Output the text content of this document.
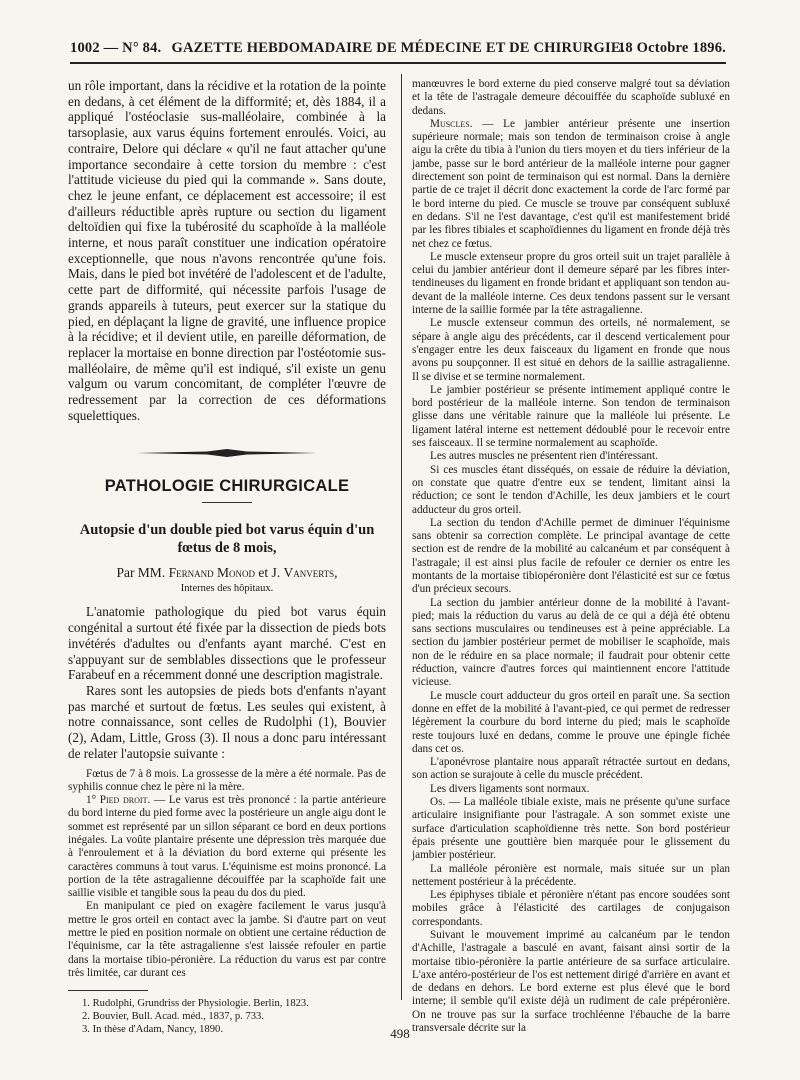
1002 — N° 84. GAZETTE HEBDOMADAIRE DE MÉDECINE ET DE CHIRURGIE.
18 Octobre 1896.

un rôle important, dans la récidive et la rotation de la pointe en dedans, à cet élément de la difformité; et, dès 1884, il a appliqué l'ostéoclasie sus-malléolaire, combinée à la tarsoplasie, aux varus équins fortement enroulés. Voici, au contraire, Delore qui déclare « qu'il ne faut attacher qu'une importance secondaire à cette torsion du membre : c'est l'attitude vicieuse du pied qui la commande ». Sans doute, chez le jeune enfant, ce déplacement est accessoire; il est d'ailleurs réductible après rupture ou section du ligament deltoïdien qui fixe la tubérosité du scaphoïde à la malléole interne, et nous paraît constituer une indication opératoire exceptionnelle, que nous n'avons rencontrée qu'une fois. Mais, dans le pied bot invétéré de l'adolescent et de l'adulte, cette part de difformité, qui nécessite parfois l'usage de grands appareils à tuteurs, peut exercer sur la statique du pied, en déplaçant la ligne de gravité, une influence propice à la récidive; et il devient utile, en pareille déformation, de replacer la mortaise en bonne direction par l'ostéotomie sus-malléolaire, de même qu'il est indiqué, s'il existe un genu valgum ou varum concomitant, de compléter l'œuvre de redressement par la correction de ces déformations squelettiques.

PATHOLOGIE CHIRURGICALE
Autopsie d'un double pied bot varus équin d'un fœtus de 8 mois,
Par MM. Fernand Monod et J. Vanverts,
Internes des hôpitaux.

L'anatomie pathologique du pied bot varus équin congénital a surtout été fixée par la dissection de pieds bots invétérés d'adultes ou d'enfants ayant marché. C'est en s'appuyant sur de semblables dissections que le professeur Farabeuf en a récemment donné une description magistrale.

Rares sont les autopsies de pieds bots d'enfants n'ayant pas marché et surtout de fœtus. Les seules qui existent, à notre connaissance, sont celles de Rudolphi (1), Bouvier (2), Adam, Little, Gross (3). Il nous a donc paru intéressant de relater l'autopsie suivante :

Fœtus de 7 à 8 mois. La grossesse de la mère a été normale. Pas de syphilis connue chez le père ni la mère.

1° Pied droit. — Le varus est très prononcé : la partie antérieure du bord interne du pied forme avec la postérieure un angle aigu dont le sommet est représenté par un sillon séparant ce bord en deux portions inégales. La voûte plantaire présente une dépression très marquée due à l'enroulement et à la déviation du bord externe qui présente les caractères communs à tout varus. L'équinisme est moins prononcé. La portion de la tête astragalienne découiffée par la scaphoïde fait une saillie visible et tangible sous la peau du dos du pied.

En manipulant ce pied on exagère facilement le varus jusqu'à mettre le gros orteil en contact avec la jambe. Si d'autre part on veut mettre le pied en position normale on obtient une certaine réduction de l'équinisme, car la tête astragalienne s'est laissée refouler en partie dans la mortaise tibio-péronière. La réduction du varus est par contre très limitée, car durant ces

1. Rudolphi, Grundriss der Physiologie. Berlin, 1823.

2. Bouvier, Bull. Acad. méd., 1837, p. 733.

3. In thèse d'Adam, Nancy, 1890.

manœuvres le bord externe du pied conserve malgré tout sa déviation et la tête de l'astragale demeure découiffée du scaphoïde subluxé en dedans.

Muscles. — Le jambier antérieur présente une insertion supérieure normale; mais son tendon de terminaison croise à angle aigu la crête du tibia à l'union du tiers moyen et du tiers inférieur de la jambe, passe sur le bord antérieur de la malléole interne pour gagner directement son point de terminaison qui est normal. Dans la dernière partie de ce trajet il décrit donc exactement la corde de l'arc formé par le bord interne du pied. Ce muscle se trouve par conséquent subluxé en dedans. S'il ne l'est davantage, c'est qu'il est manifestement bridé par les fibres tibiales et scaphoïdiennes du ligament en fronde déjà très net chez ce fœtus.

Le muscle extenseur propre du gros orteil suit un trajet parallèle à celui du jambier antérieur dont il demeure séparé par les fibres inter-tendineuses du ligament en fronde bridant et appliquant son tendon au-devant de la malléole interne. Ces deux tendons passent sur le versant interne de la saillie formée par la tête astragalienne.

Le muscle extenseur commun des orteils, né normalement, se sépare à angle aigu des précédents, car il descend verticalement pour s'engager entre les deux faisceaux du ligament en fronde que nous avons pu soupçonner. Il est situé en dehors de la saillie astragalienne. Il se divise et se termine normalement.

Le jambier postérieur se présente intimement appliqué contre le bord postérieur de la malléole interne. Son tendon de terminaison glisse dans une véritable rainure que la malléole lui présente. Le ligament latéral interne est nettement dédoublé pour le recevoir entre ses faisceaux. Il se termine normalement au scaphoïde.

Les autres muscles ne présentent rien d'intéressant.

Si ces muscles étant disséqués, on essaie de réduire la déviation, on constate que quatre d'entre eux se tendent, limitant ainsi la réduction; ce sont le tendon d'Achille, les deux jambiers et le court adducteur du gros orteil.

La section du tendon d'Achille permet de diminuer l'équinisme sans obtenir sa correction complète. Le principal avantage de cette section est de rendre de la mobilité au calcanéum et par conséquent à l'astragale; il est ainsi plus facile de refouler ce dernier os entre les montants de la mortaise tibiopéronière dont l'élasticité est sur ce fœtus d'un précieux secours.

La section du jambier antérieur donne de la mobilité à l'avant-pied; mais la réduction du varus au delà de ce qui a déjà été obtenu sans sections musculaires ou tendineuses est à peine appréciable. La section du jambier postérieur permet de mobiliser le scaphoïde, mais non de le réduire en sa place normale; il faudrait pour obtenir cette réduction, vaincre d'autres forces qui maintiennent encore l'attitude vicieuse.

Le muscle court adducteur du gros orteil en paraît une. Sa section donne en effet de la mobilité à l'avant-pied, ce qui permet de redresser légèrement la courbure du bord interne du pied; mais le scaphoïde reste toujours luxé en dedans, comme le prouve une épingle fichée dans cet os.

L'aponévrose plantaire nous apparaît rétractée surtout en dedans, son action se surajoute à celle du muscle précédent.

Les divers ligaments sont normaux.

Os. — La malléole tibiale existe, mais ne présente qu'une surface articulaire insignifiante pour l'astragale. A son sommet existe une surface d'articulation scaphoïdienne très nette. Son bord postérieur épais présente une gouttière bien marquée pour le glissement du jambier postérieur.

La malléole péronière est normale, mais située sur un plan nettement postérieur à la précédente.

Les épiphyses tibiale et péronière n'étant pas encore soudées sont mobiles grâce à l'élasticité des cartilages de conjugaison correspondants.

Suivant le mouvement imprimé au calcanéum par le tendon d'Achille, l'astragale a basculé en avant, faisant ainsi sortir de la mortaise tibio-péronière la partie antérieure de sa surface articulaire. L'axe antéro-postérieur de l'os est nettement dirigé d'arrière en avant et de dedans en dehors. Le bord externe est plus élevé que le bord interne; il semble qu'il existe déjà un rudiment de cale prépéronière. On ne trouve pas sur la surface trochléenne l'ébauche de la barre transversale décrite sur la

498
